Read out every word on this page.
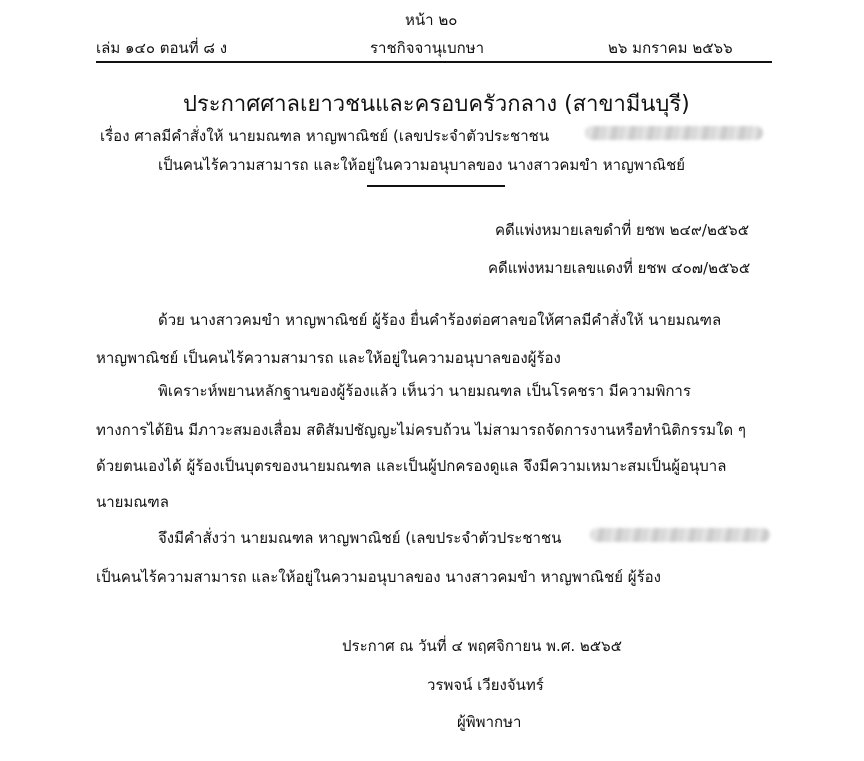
หน้า ๒๐
เล่ม ๑๔๐ ตอนที่ ๘ ง	ราชกิจจานุเบกษา	๒๖ มกราคม ๒๕๖๖
ประกาศศาลเยาวชนและครอบครัวกลาง (สาขามีนบุรี)
เรื่อง ศาลมีคำสั่งให้ นายมณฑล หาญพาณิชย์ (เลขประจำตัวประชาชน
เป็นคนไร้ความสามารถ และให้อยู่ในความอนุบาลของ นางสาวคมขำ หาญพาณิชย์
คดีแพ่งหมายเลขดำที่ ยชพ ๒๔๙/๒๕๖๕
คดีแพ่งหมายเลขแดงที่ ยชพ ๔๐๗/๒๕๖๕
ด้วย นางสาวคมขำ หาญพาณิชย์ ผู้ร้อง ยื่นคำร้องต่อศาลขอให้ศาลมีคำสั่งให้ นายมณฑล
หาญพาณิชย์ เป็นคนไร้ความสามารถ และให้อยู่ในความอนุบาลของผู้ร้อง
พิเคราะห์พยานหลักฐานของผู้ร้องแล้ว เห็นว่า นายมณฑล เป็นโรคชรา มีความพิการ
ทางการได้ยิน มีภาวะสมองเสื่อม สติสัมปชัญญะไม่ครบถ้วน ไม่สามารถจัดการงานหรือทำนิติกรรมใด ๆ
ด้วยตนเองได้ ผู้ร้องเป็นบุตรของนายมณฑล และเป็นผู้ปกครองดูแล จึงมีความเหมาะสมเป็นผู้อนุบาล
นายมณฑล
จึงมีคำสั่งว่า นายมณฑล หาญพาณิชย์ (เลขประจำตัวประชาชน
เป็นคนไร้ความสามารถ และให้อยู่ในความอนุบาลของ นางสาวคมขำ หาญพาณิชย์ ผู้ร้อง
ประกาศ ณ วันที่ ๔ พฤศจิกายน พ.ศ. ๒๕๖๕
วรพจน์ เวียงจันทร์
ผู้พิพากษา
